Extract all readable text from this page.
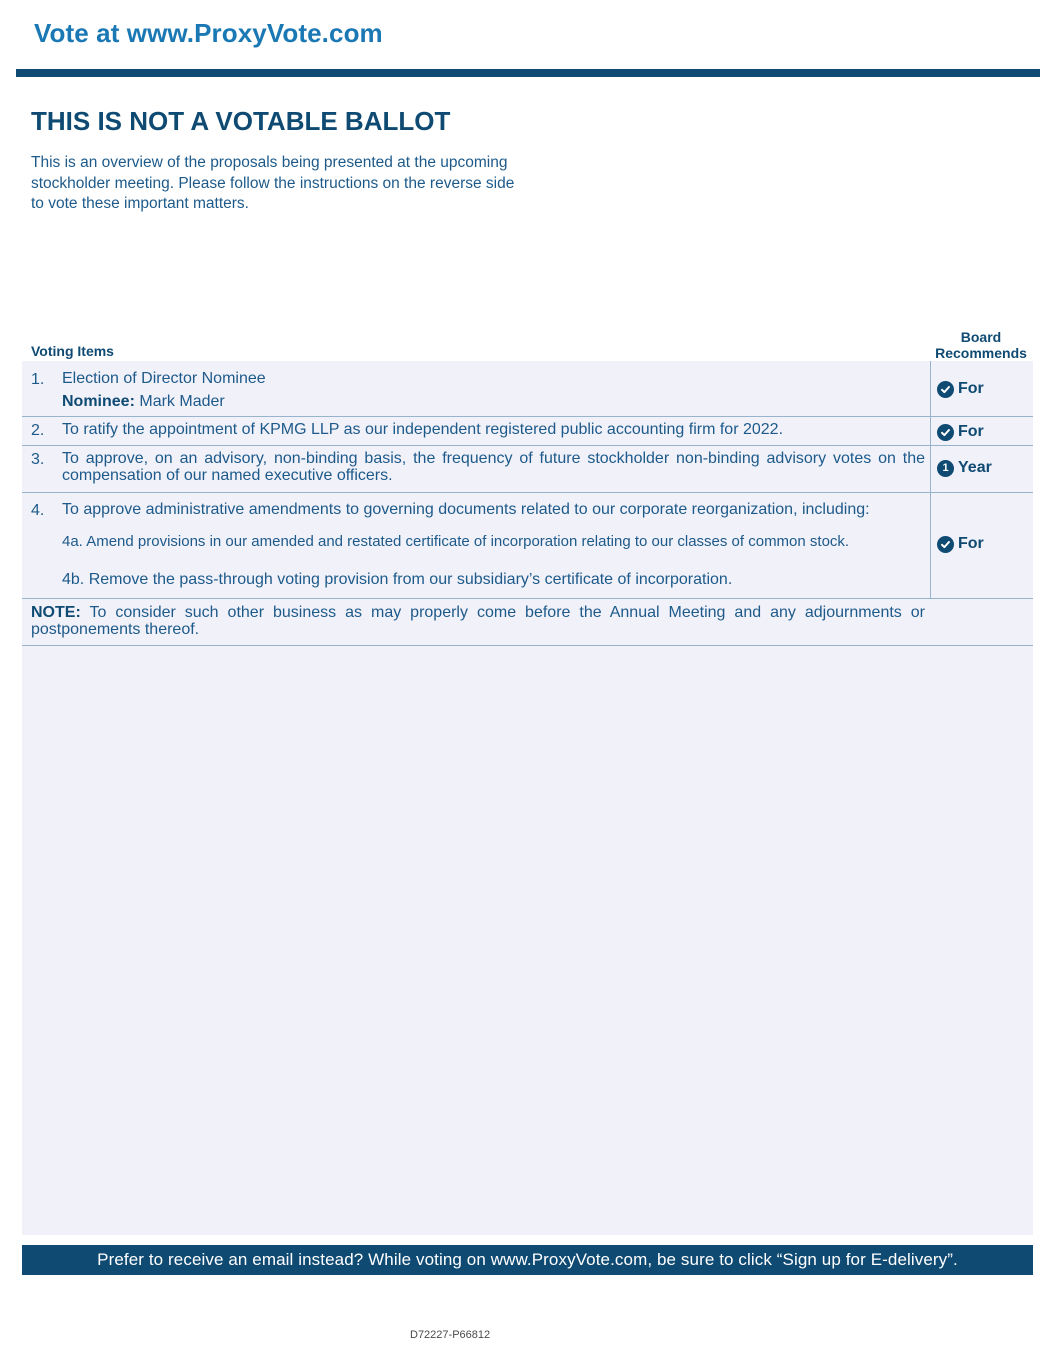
Vote at www.ProxyVote.com
THIS IS NOT A VOTABLE BALLOT

This is an overview of the proposals being presented at the upcoming stockholder meeting. Please follow the instructions on the reverse side to vote these important matters.

Voting Items
Board
Recommends
1. Election of Director Nominee
Nominee: Mark Mader
For
2. To ratify the appointment of KPMG LLP as our independent registered public accounting firm for 2022.	For
3. To approve, on an advisory, non-binding basis, the frequency of future stockholder non-binding advisory votes on the compensation of our named executive officers.	1 Year
4. To approve administrative amendments to governing documents related to our corporate reorganization, including:
4a. Amend provisions in our amended and restated certificate of incorporation relating to our classes of common stock.
4b. Remove the pass-through voting provision from our subsidiary’s certificate of incorporation.
For
NOTE: To consider such other business as may properly come before the Annual Meeting and any adjournments or postponements thereof.
Prefer to receive an email instead? While voting on www.ProxyVote.com, be sure to click “Sign up for E-delivery”.
D72227-P66812
